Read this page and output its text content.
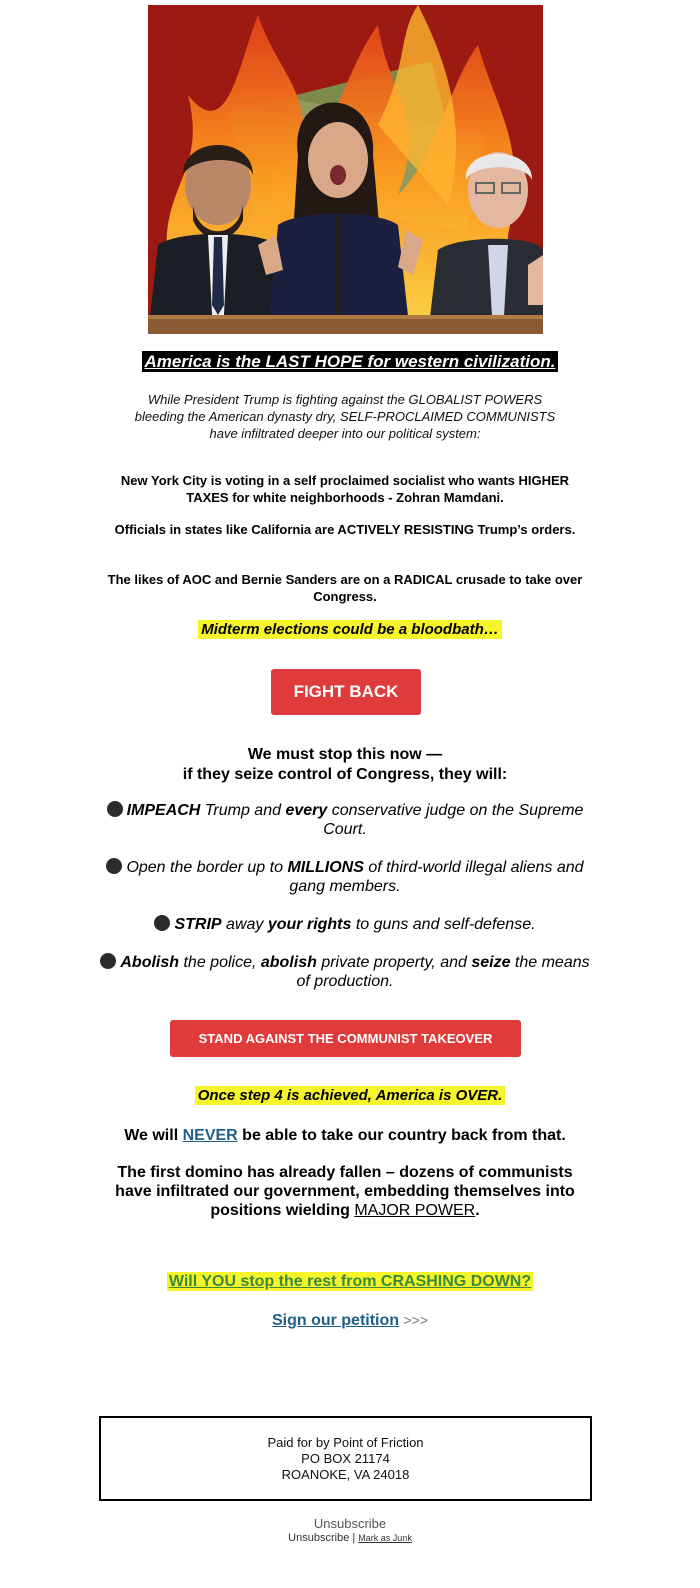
America is the LAST HOPE for western civilization.
While President Trump is fighting against the GLOBALIST POWERS
bleeding the American dynasty dry, SELF-PROCLAIMED COMMUNISTS
have infiltrated deeper into our political system:
New York City is voting in a self proclaimed socialist who wants HIGHER TAXES for white neighborhoods - Zohran Mamdani.
Officials in states like California are ACTIVELY RESISTING Trump’s orders.
The likes of AOC and Bernie Sanders are on a RADICAL crusade to take over Congress.
Midterm elections could be a bloodbath…
FIGHT BACK
We must stop this now —
if they seize control of Congress, they will:
IMPEACH Trump and every conservative judge on the Supreme Court.
Open the border up to MILLIONS of third-world illegal aliens and gang members.
STRIP away your rights to guns and self-defense.
Abolish the police, abolish private property, and seize the means of production.
STAND AGAINST THE COMMUNIST TAKEOVER
Once step 4 is achieved, America is OVER.
We will NEVER be able to take our country back from that.
The first domino has already fallen – dozens of communists have infiltrated our government, embedding themselves into positions wielding MAJOR POWER.
Will YOU stop the rest from CRASHING DOWN?
Sign our petition >>>
Paid for by Point of Friction
PO BOX 21174
ROANOKE, VA 24018
Unsubscribe
Unsubscribe | Mark as Junk
